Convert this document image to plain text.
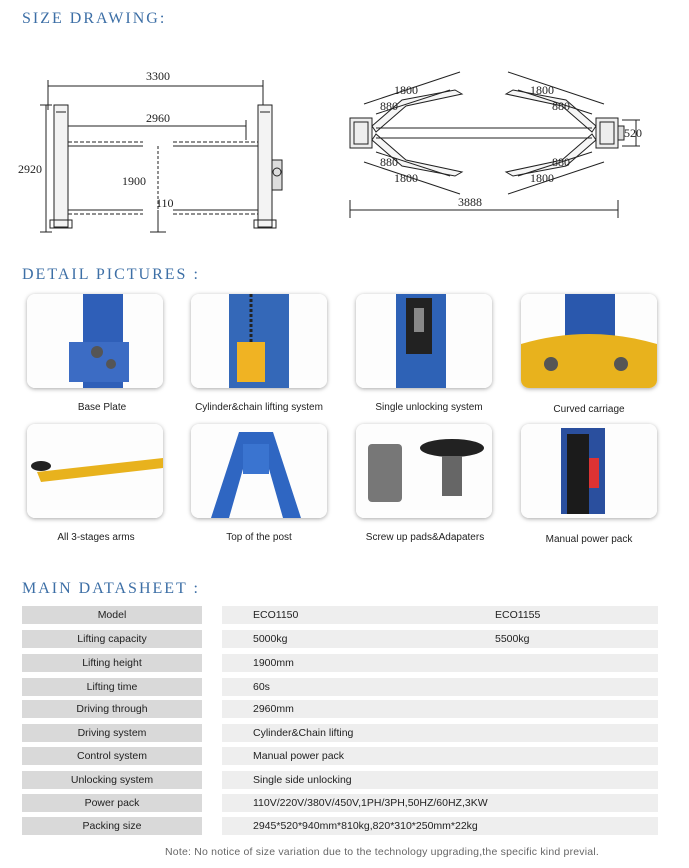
SIZE DRAWING:
3300
2960
2920
1900
110
1800
880
1800
880
880
1800
880
1800
520
3888
DETAIL PICTURES :
Base Plate	Cylinder&chain lifting system	Single unlocking system	Curved carriage
All 3-stages arms	Top of the post	Screw up pads&Adapaters	Manual power pack
MAIN DATASHEET :
Model	ECO1150	ECO1155
Lifting capacity	5000kg	5500kg
Lifting height	1900mm
Lifting time	60s
Driving through	2960mm
Driving system	Cylinder&Chain lifting
Control system	Manual power pack
Unlocking system	Single side unlocking
Power pack	110V/220V/380V/450V,1PH/3PH,50HZ/60HZ,3KW
Packing size	2945*520*940mm*810kg,820*310*250mm*22kg
Note: No notice of size variation due to the technology upgrading,the specific kind previal.
